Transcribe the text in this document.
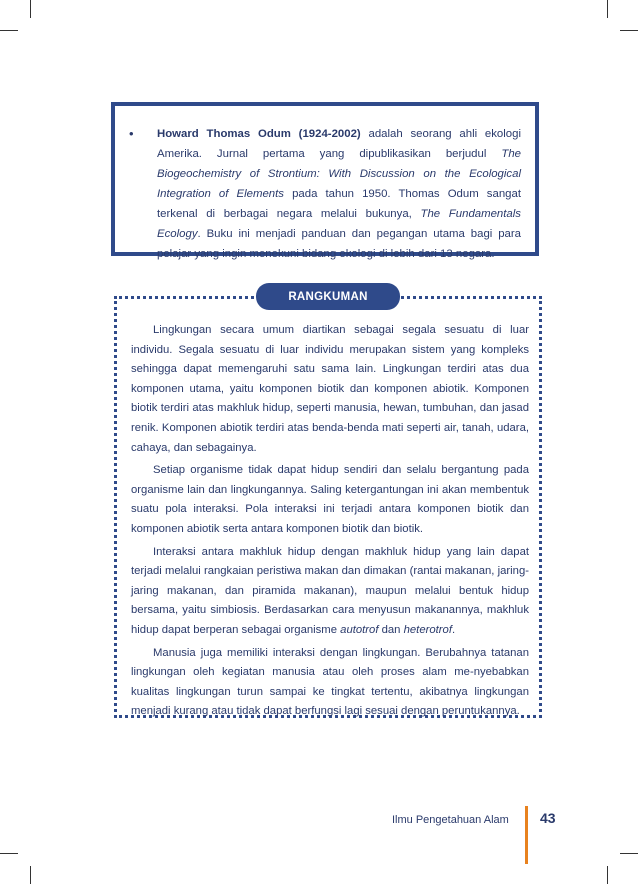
•	Howard Thomas Odum (1924-2002) adalah seorang ahli ekologi Amerika. Jurnal pertama yang dipublikasikan berjudul The Biogeochemistry of Strontium: With Discussion on the Ecological Integration of Elements pada tahun 1950. Thomas Odum sangat terkenal di berbagai negara melalui bukunya, The Fundamentals Ecology. Buku ini menjadi panduan dan pegangan utama bagi para pelajar yang ingin menekuni bidang ekologi di lebih dari 13 negara.

Lingkungan secara umum diartikan sebagai segala sesuatu di luar individu. Segala sesuatu di luar individu merupakan sistem yang kompleks sehingga dapat memengaruhi satu sama lain. Lingkungan terdiri atas dua komponen utama, yaitu komponen biotik dan komponen abiotik. Komponen biotik terdiri atas makhluk hidup, seperti manusia, hewan, tumbuhan, dan jasad renik. Komponen abiotik terdiri atas benda-benda mati seperti air, tanah, udara, cahaya, dan sebagainya.

Setiap organisme tidak dapat hidup sendiri dan selalu bergantung pada organisme lain dan lingkungannya. Saling ketergantungan ini akan membentuk suatu pola interaksi. Pola interaksi ini terjadi antara komponen biotik dan komponen abiotik serta antara komponen biotik dan biotik.

Interaksi antara makhluk hidup dengan makhluk hidup yang lain dapat terjadi melalui rangkaian peristiwa makan dan dimakan (rantai makanan, jaring-jaring makanan, dan piramida makanan), maupun melalui bentuk hidup bersama, yaitu simbiosis. Berdasarkan cara menyusun makanannya, makhluk hidup dapat berperan sebagai organisme autotrof dan heterotrof.

Manusia juga memiliki interaksi dengan lingkungan. Berubahnya tatanan lingkungan oleh kegiatan manusia atau oleh proses alam me-nyebabkan kualitas lingkungan turun sampai ke tingkat tertentu, akibatnya lingkungan menjadi kurang atau tidak dapat berfungsi lagi sesuai dengan peruntukannya.

RANGKUMAN
Ilmu Pengetahuan Alam 43
